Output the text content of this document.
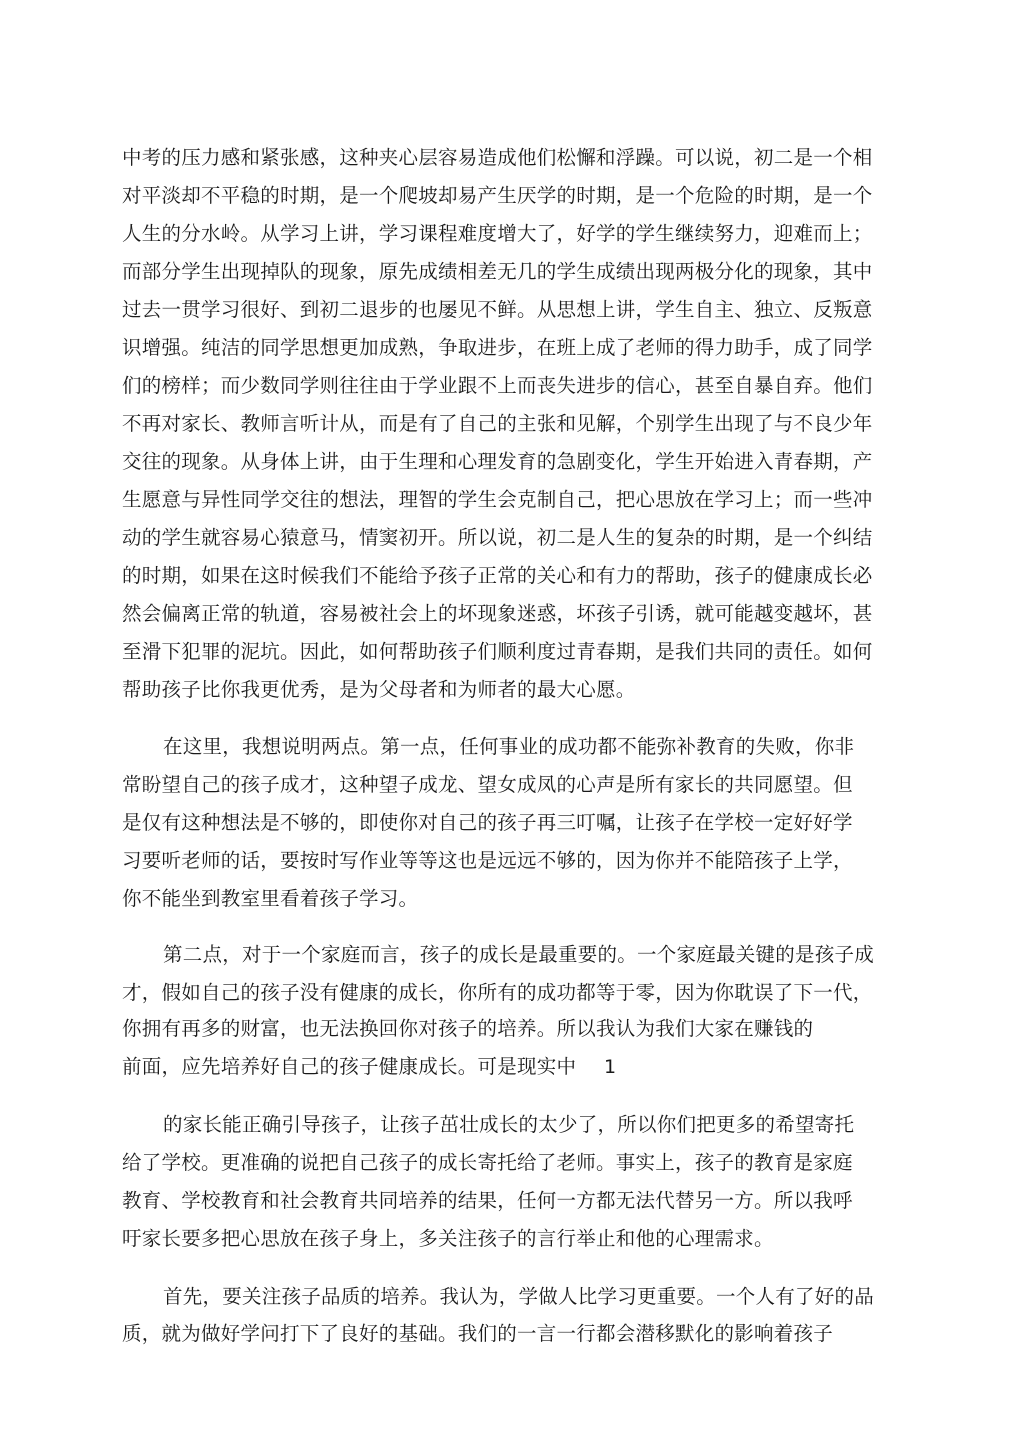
中考的压力感和紧张感，这种夹心层容易造成他们松懈和浮躁。可以说，初二是一个相

对平淡却不平稳的时期，是一个爬坡却易产生厌学的时期，是一个危险的时期，是一个

人生的分水岭。从学习上讲，学习课程难度增大了，好学的学生继续努力，迎难而上；

而部分学生出现掉队的现象，原先成绩相差无几的学生成绩出现两极分化的现象，其中

过去一贯学习很好、到初二退步的也屡见不鲜。从思想上讲，学生自主、独立、反叛意

识增强。纯洁的同学思想更加成熟，争取进步，在班上成了老师的得力助手，成了同学

们的榜样；而少数同学则往往由于学业跟不上而丧失进步的信心，甚至自暴自弃。他们

不再对家长、教师言听计从，而是有了自己的主张和见解，个别学生出现了与不良少年

交往的现象。从身体上讲，由于生理和心理发育的急剧变化，学生开始进入青春期，产

生愿意与异性同学交往的想法，理智的学生会克制自己，把心思放在学习上；而一些冲

动的学生就容易心猿意马，情窦初开。所以说，初二是人生的复杂的时期，是一个纠结

的时期，如果在这时候我们不能给予孩子正常的关心和有力的帮助，孩子的健康成长必

然会偏离正常的轨道，容易被社会上的坏现象迷惑，坏孩子引诱，就可能越变越坏，甚

至滑下犯罪的泥坑。因此，如何帮助孩子们顺利度过青春期，是我们共同的责任。如何

帮助孩子比你我更优秀，是为父母者和为师者的最大心愿。

在这里，我想说明两点。第一点，任何事业的成功都不能弥补教育的失败，你非

常盼望自己的孩子成才，这种望子成龙、望女成凤的心声是所有家长的共同愿望。但

是仅有这种想法是不够的，即使你对自己的孩子再三叮嘱，让孩子在学校一定好好学

习要听老师的话，要按时写作业等等这也是远远不够的，因为你并不能陪孩子上学，

你不能坐到教室里看着孩子学习。

第二点，对于一个家庭而言，孩子的成长是最重要的。一个家庭最关键的是孩子成

才，假如自己的孩子没有健康的成长，你所有的成功都等于零，因为你耽误了下一代，

你拥有再多的财富，也无法换回你对孩子的培养。所以我认为我们大家在赚钱的

前面，应先培养好自己的孩子健康成长。可是现实中 1

的家长能正确引导孩子，让孩子茁壮成长的太少了，所以你们把更多的希望寄托

给了学校。更准确的说把自己孩子的成长寄托给了老师。事实上，孩子的教育是家庭

教育、学校教育和社会教育共同培养的结果，任何一方都无法代替另一方。所以我呼

吁家长要多把心思放在孩子身上，多关注孩子的言行举止和他的心理需求。

首先，要关注孩子品质的培养。我认为，学做人比学习更重要。一个人有了好的品

质，就为做好学问打下了良好的基础。我们的一言一行都会潜移默化的影响着孩子
